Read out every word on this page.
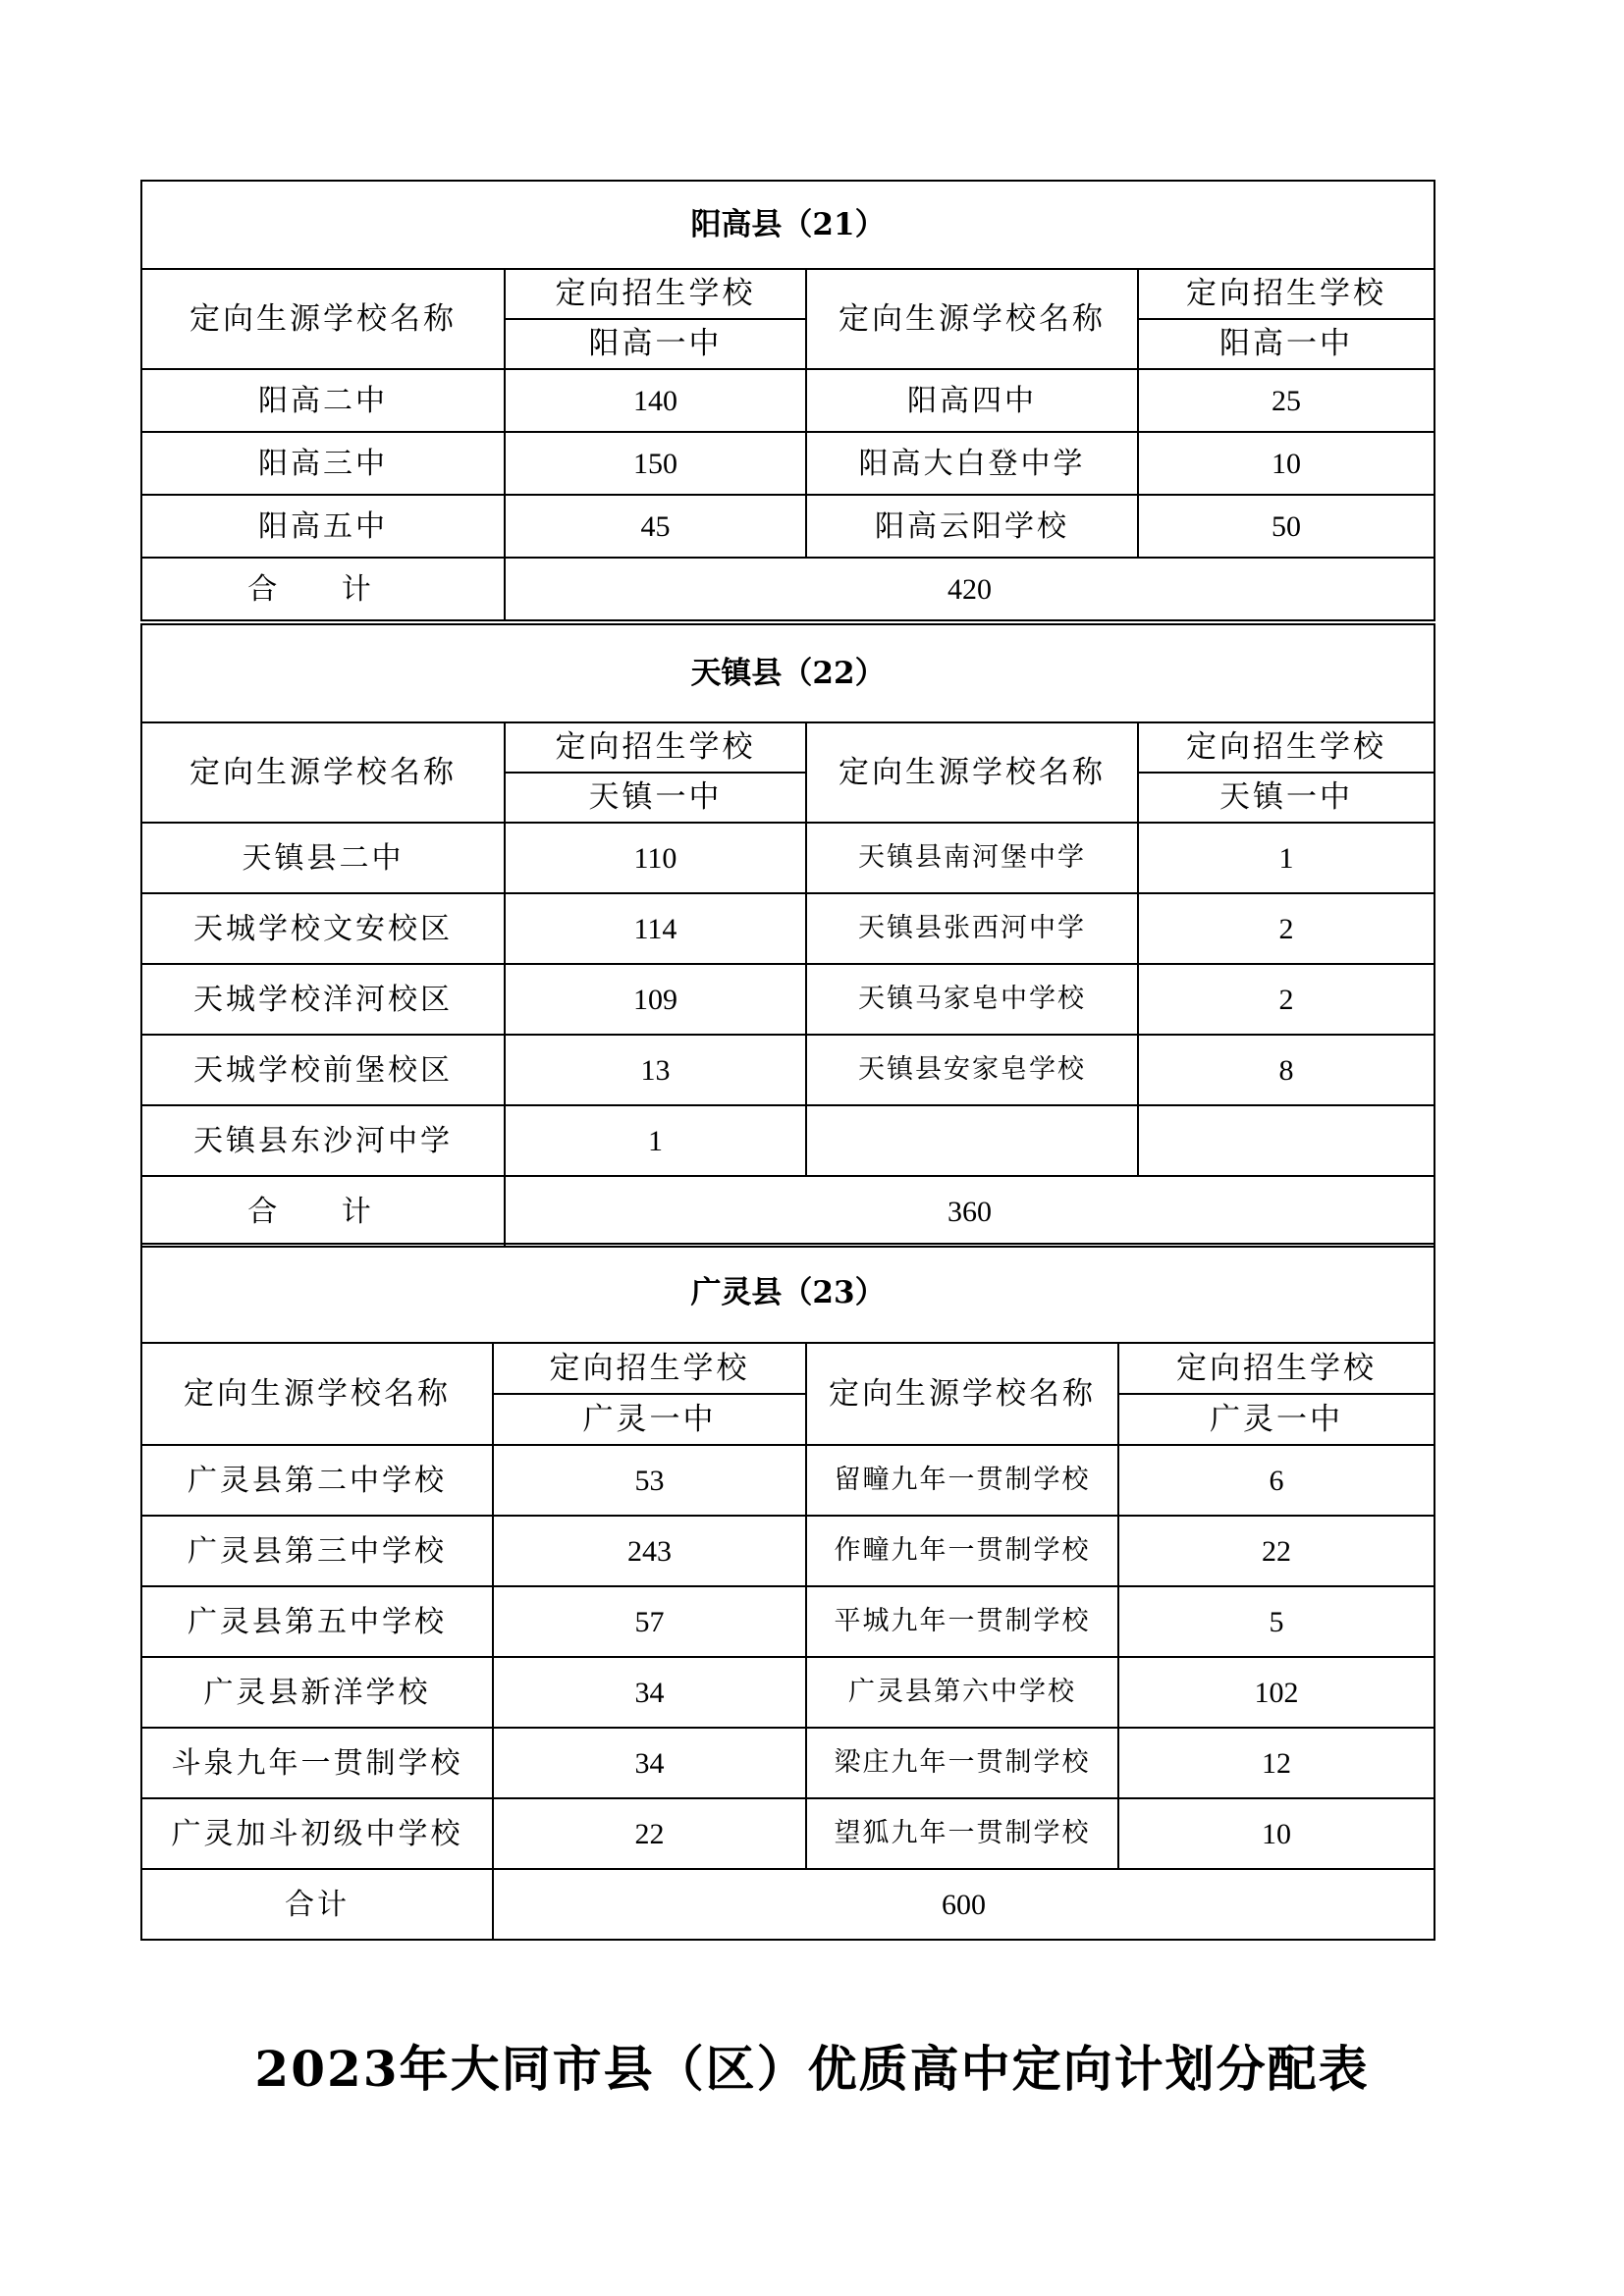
阳高县（21）			
定向生源学校名称	定向招生学校	定向生源学校名称	定向招生学校
	阳高一中		阳高一中
阳高二中	140	阳高四中	25
阳高三中	150	阳高大白登中学	10
阳高五中	45	阳高云阳学校	50
合 计	420		
天镇县（22）			
定向生源学校名称	定向招生学校	定向生源学校名称	定向招生学校
	天镇一中		天镇一中
天镇县二中	110	天镇县南河堡中学	1
天城学校文安校区	114	天镇县张西河中学	2
天城学校洋河校区	109	天镇马家皂中学校	2
天城学校前堡校区	13	天镇县安家皂学校	8
天镇县东沙河中学	1		
合 计	360		
广灵县（23）			
定向生源学校名称	定向招生学校	定向生源学校名称	定向招生学校
	广灵一中		广灵一中
广灵县第二中学校	53	留疃九年一贯制学校	6
广灵县第三中学校	243	作疃九年一贯制学校	22
广灵县第五中学校	57	平城九年一贯制学校	5
广灵县新洋学校	34	广灵县第六中学校	102
斗泉九年一贯制学校	34	梁庄九年一贯制学校	12
广灵加斗初级中学校	22	望狐九年一贯制学校	10
合计	600		
2023年大同市县（区）优质高中定向计划分配表
